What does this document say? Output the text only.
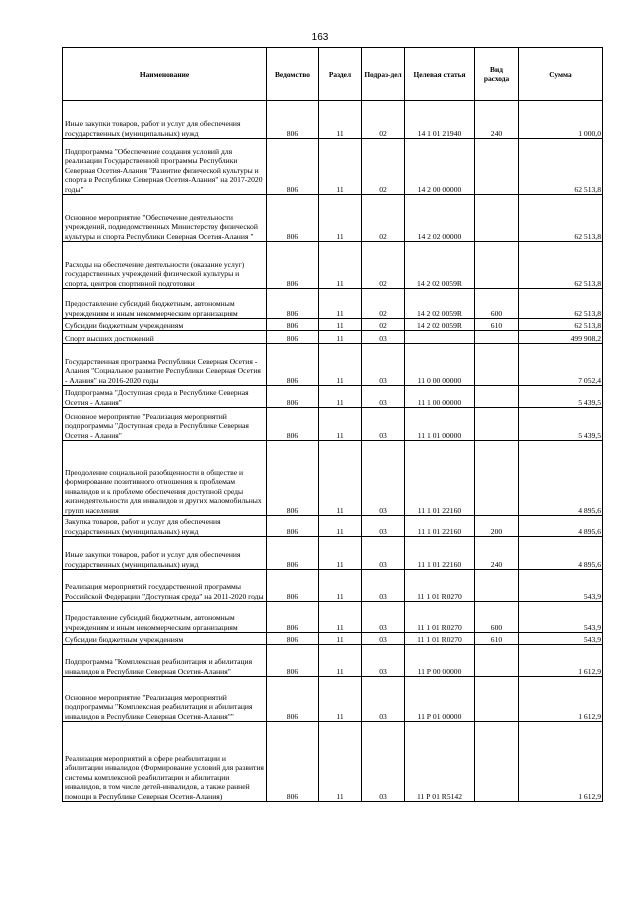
163
Наименование	Ведомство	Раздел	Подраз-дел	Целевая статья	Вид расхода	Сумма
Иные закупки товаров, работ и услуг для обеспечения государственных (муниципальных) нужд	806	11	02	14 1 01 21940	240	1 000,0
Подпрограмма "Обеспечение создания условий для реализации Государственной программы Республики Северная Осетия-Алания "Развитие физической культуры и спорта в Республике Северная Осетия-Алания" на 2017-2020 годы"	806	11	02	14 2 00 00000		62 513,8
Основное мероприятие "Обеспечение деятельности учреждений, подведомственных Министерству физической культуры и спорта Республики Северная Осетия-Алания "	806	11	02	14 2 02 00000		62 513,8
Расходы на обеспечение деятельности (оказание услуг) государственных учреждений физической культуры и спорта, центров спортивной подготовки	806	11	02	14 2 02 0059R		62 513,8
Предоставление субсидий бюджетным, автономным учреждениям и иным некоммерческим организациям	806	11	02	14 2 02 0059R	600	62 513,8
Субсидии бюджетным учреждениям	806	11	02	14 2 02 0059R	610	62 513,8
Спорт высших достижений	806	11	03			499 908,2
Государственная программа Республики Северная Осетия - Алания "Социальное развитие Республики Северная Осетия - Алания" на 2016-2020 годы	806	11	03	11 0 00 00000		7 052,4
Подпрограмма "Доступная среда в Республике Северная Осетия - Алания"	806	11	03	11 1 00 00000		5 439,5
Основное мероприятие "Реализация мероприятий подпрограммы "Доступная среда в Республике Северная Осетия - Алания"	806	11	03	11 1 01 00000		5 439,5
Преодоление социальной разобщенности в обществе и формирование позитивного отношения к проблемам инвалидов и к проблеме обеспечения доступной среды жизнедеятельности для инвалидов и других маломобильных групп населения	806	11	03	11 1 01 22160		4 895,6
Закупка товаров, работ и услуг для обеспечения государственных (муниципальных) нужд	806	11	03	11 1 01 22160	200	4 895,6
Иные закупки товаров, работ и услуг для обеспечения государственных (муниципальных) нужд	806	11	03	11 1 01 22160	240	4 895,6
Реализация мероприятий государственной программы Российской Федерации "Доступная среда" на 2011-2020 годы	806	11	03	11 1 01 R0270		543,9
Предоставление субсидий бюджетным, автономным учреждениям и иным некоммерческим организациям	806	11	03	11 1 01 R0270	600	543,9
Субсидии бюджетным учреждениям	806	11	03	11 1 01 R0270	610	543,9
Подпрограмма "Комплексная реабилитация и абилитация инвалидов в Республике Северная Осетия-Алания"	806	11	03	11 Р 00 00000		1 612,9
Основное мероприятие "Реализация мероприятий подпрограммы "Комплексная реабилитация и абилитация инвалидов в Республике Северная Осетия-Алания""	806	11	03	11 Р 01 00000		1 612,9
Реализация мероприятий в сфере реабилитации и абилитации инвалидов (Формирование условий для развития системы комплексной реабилитации и абилитации инвалидов, в том числе детей-инвалидов, а также ранней помощи в Республике Северная Осетия-Алания)	806	11	03	11 Р 01 R5142		1 612,9
